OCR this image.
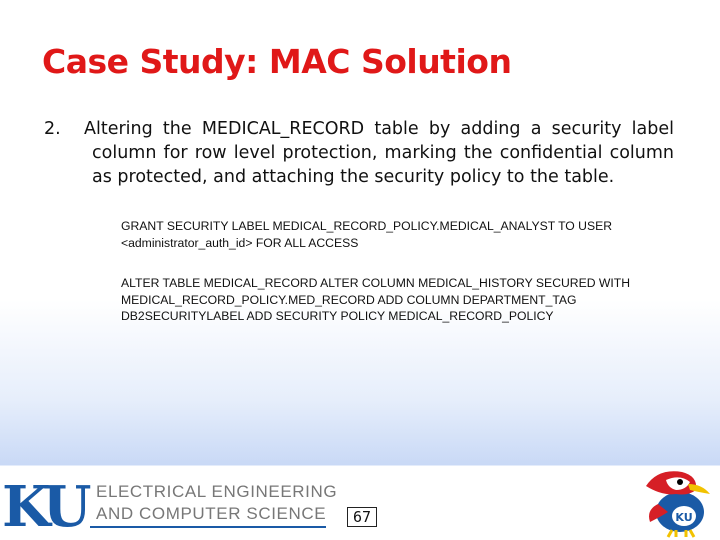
Case Study: MAC Solution
2. Altering the MEDICAL_RECORD table by adding a security label column for row level protection, marking the confidential column as protected, and attaching the security policy to the table.
GRANT SECURITY LABEL MEDICAL_RECORD_POLICY.MEDICAL_ANALYST TO USER
<administrator_auth_id> FOR ALL ACCESS
ALTER TABLE MEDICAL_RECORD ALTER COLUMN MEDICAL_HISTORY SECURED WITH
MEDICAL_RECORD_POLICY.MED_RECORD ADD COLUMN DEPARTMENT_TAG
DB2SECURITYLABEL ADD SECURITY POLICY MEDICAL_RECORD_POLICY
KU ELECTRICAL ENGINEERING
AND COMPUTER SCIENCE	67	KU
